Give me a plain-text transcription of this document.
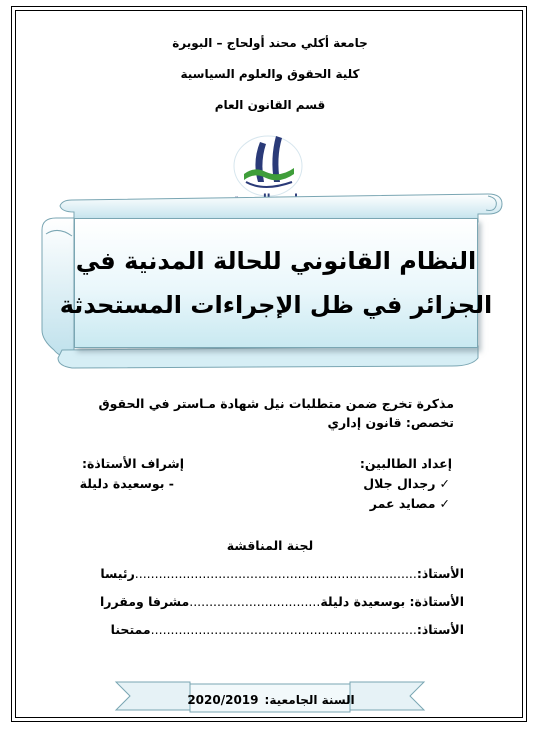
جامعة أكلي محند أولحاج – البويرة
كلية الحقوق والعلوم السياسية
قسم القانون العام
النظام القانوني للحالة المدنية في
الجزائر في ظل الإجراءات المستحدثة
مذكرة تخرج ضمن متطلبات نيل شهادة مـاستر في الحقوق
تخصص: قانون إداري
إعداد الطالبين:
✓رجدال جلال
✓مصايد عمر
إشراف الأستاذة:
- بوسعيدة دليلة
لجنة المناقشة
الأستاذ:.......................................................................رئيسا
الأستاذة: بوسعيدة دليلة.................................مشرفا ومقررا
الأستاذ:...................................................................ممتحنا
السنة الجامعية:
2020/2019
